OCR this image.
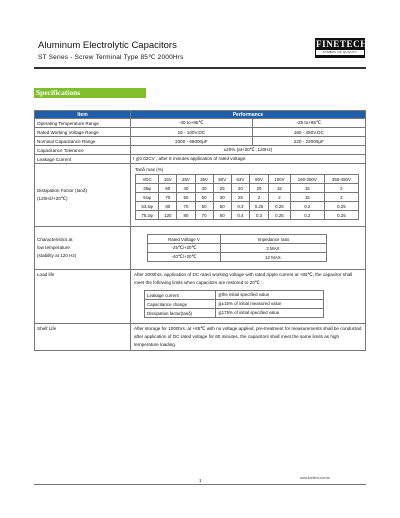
Aluminum Electrolytic Capacitors
ST Series - Screw Terminal Type 85℃ 2000Hrs
FINETECH
SYMBOL OF QUALITY
Specifications
Item	Performance
Operating Temperature Range	-40 to+85℃	-25 to+85℃
Rated Working Voltage Range	16 - 100V.DC	160 - 450V.DC
Nominal Capacitance Range	3300 - 68000μF	220 - 22000μF
Capacitance Tolerance	±20% (at+20℃ ,120Hz)
Leakage Current	I ≦0.02CV , after 5 minutes application of rated voltage.

Dissipation Factor (tanδ)
(120Hz/+20℃)

Tanδ max (%)
VDC	16V	25V	35V	50V	63V	80V	100V	160-250V	350-450V
35φ	60	40	30	25	20	20	15	15	2
51φ	70	50	50	30	25	2	2	15	2
63.5φ	80	70	60	50	0.3	0.25	0.25	0.2	0.25
76.2φ	120	80	70	60	0.4	0.3	0.25	0.2	0.25

Characteristics at
low temperature
(stability at 120 Hz)

Rated Voltage V	Impedance ratio
-25℃/+20℃	3 MAX.
-40℃/+20℃	12 MAX.

Load life	After 2000hrs. application of DC rated working voltage with rated ripple current at +85℃, the capacitor shall meet the following limits when capacitors are restored to 20℃ :
Leakage current	≦the initial specified value
Capacitance change	≦±15% of initial measured value
Dissipation factor(tanδ)	≦175% of initial specified value

Shelf Life	After storage for 1000hrs. at +85℃ with no voltage applied, pre-treatment for measurements shall be conducted after application of DC rated voltage for 60 minutes, the capacitors shall meet the same limits as high temperature loading.
1	www.finetech.com.tw
